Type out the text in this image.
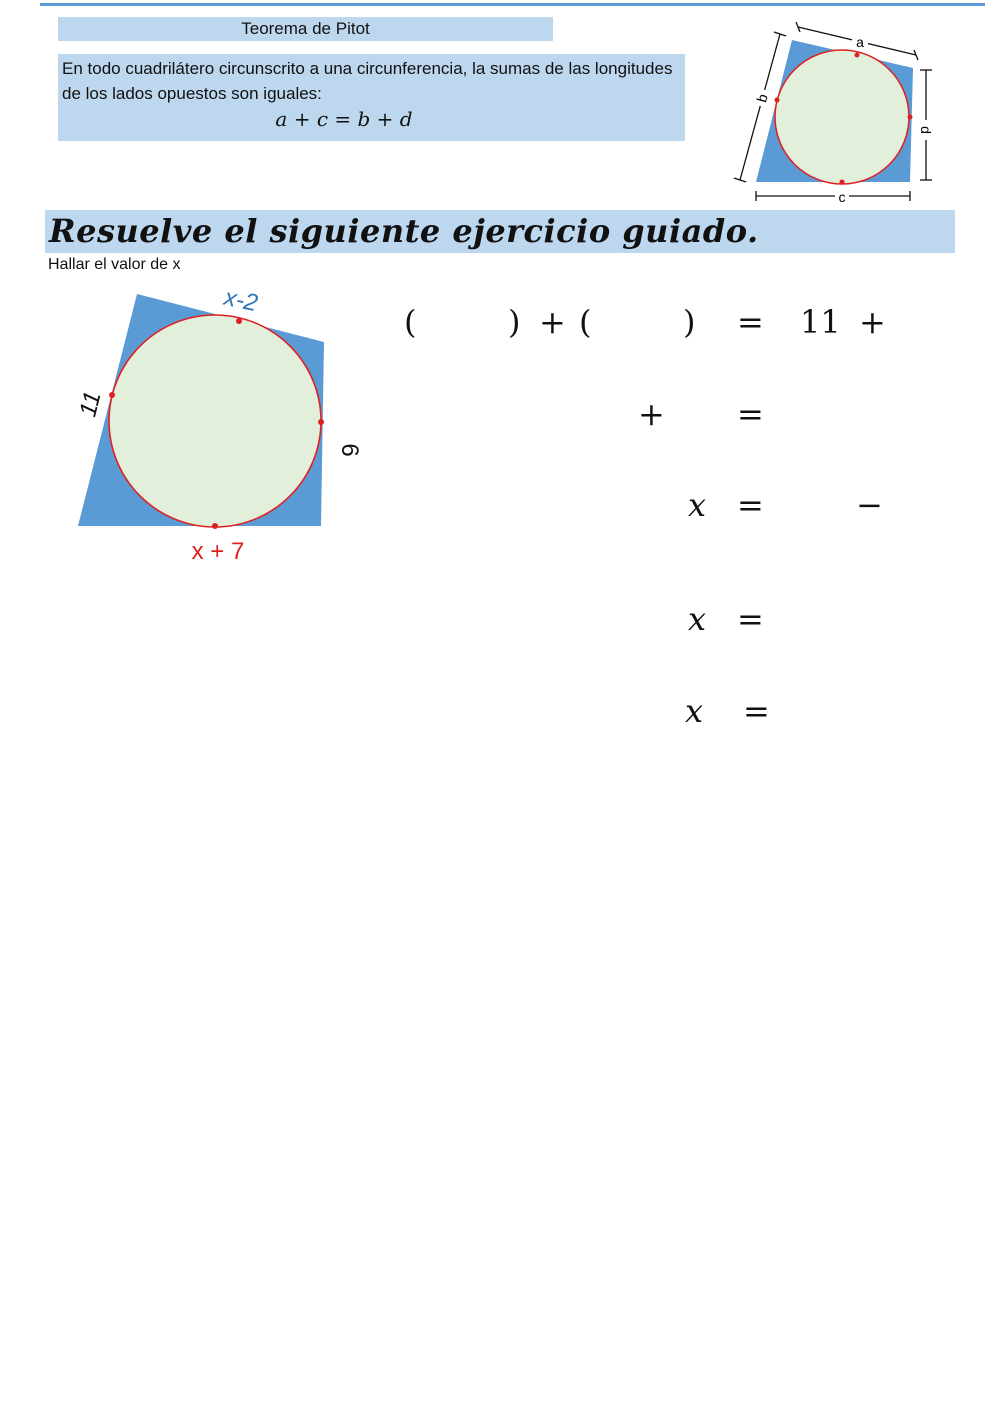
Teorema de Pitot
En todo cuadrilátero circunscrito a una circunferencia, la sumas de las longitudes de los lados opuestos son iguales:
a + c = b + d
a
b
d
c
Resuelve el siguiente ejercicio guiado.
Hallar el valor de x
x-2
11
6
x + 7
(	) + (	) = 11 +
+ =
x =	−
x =
x =
